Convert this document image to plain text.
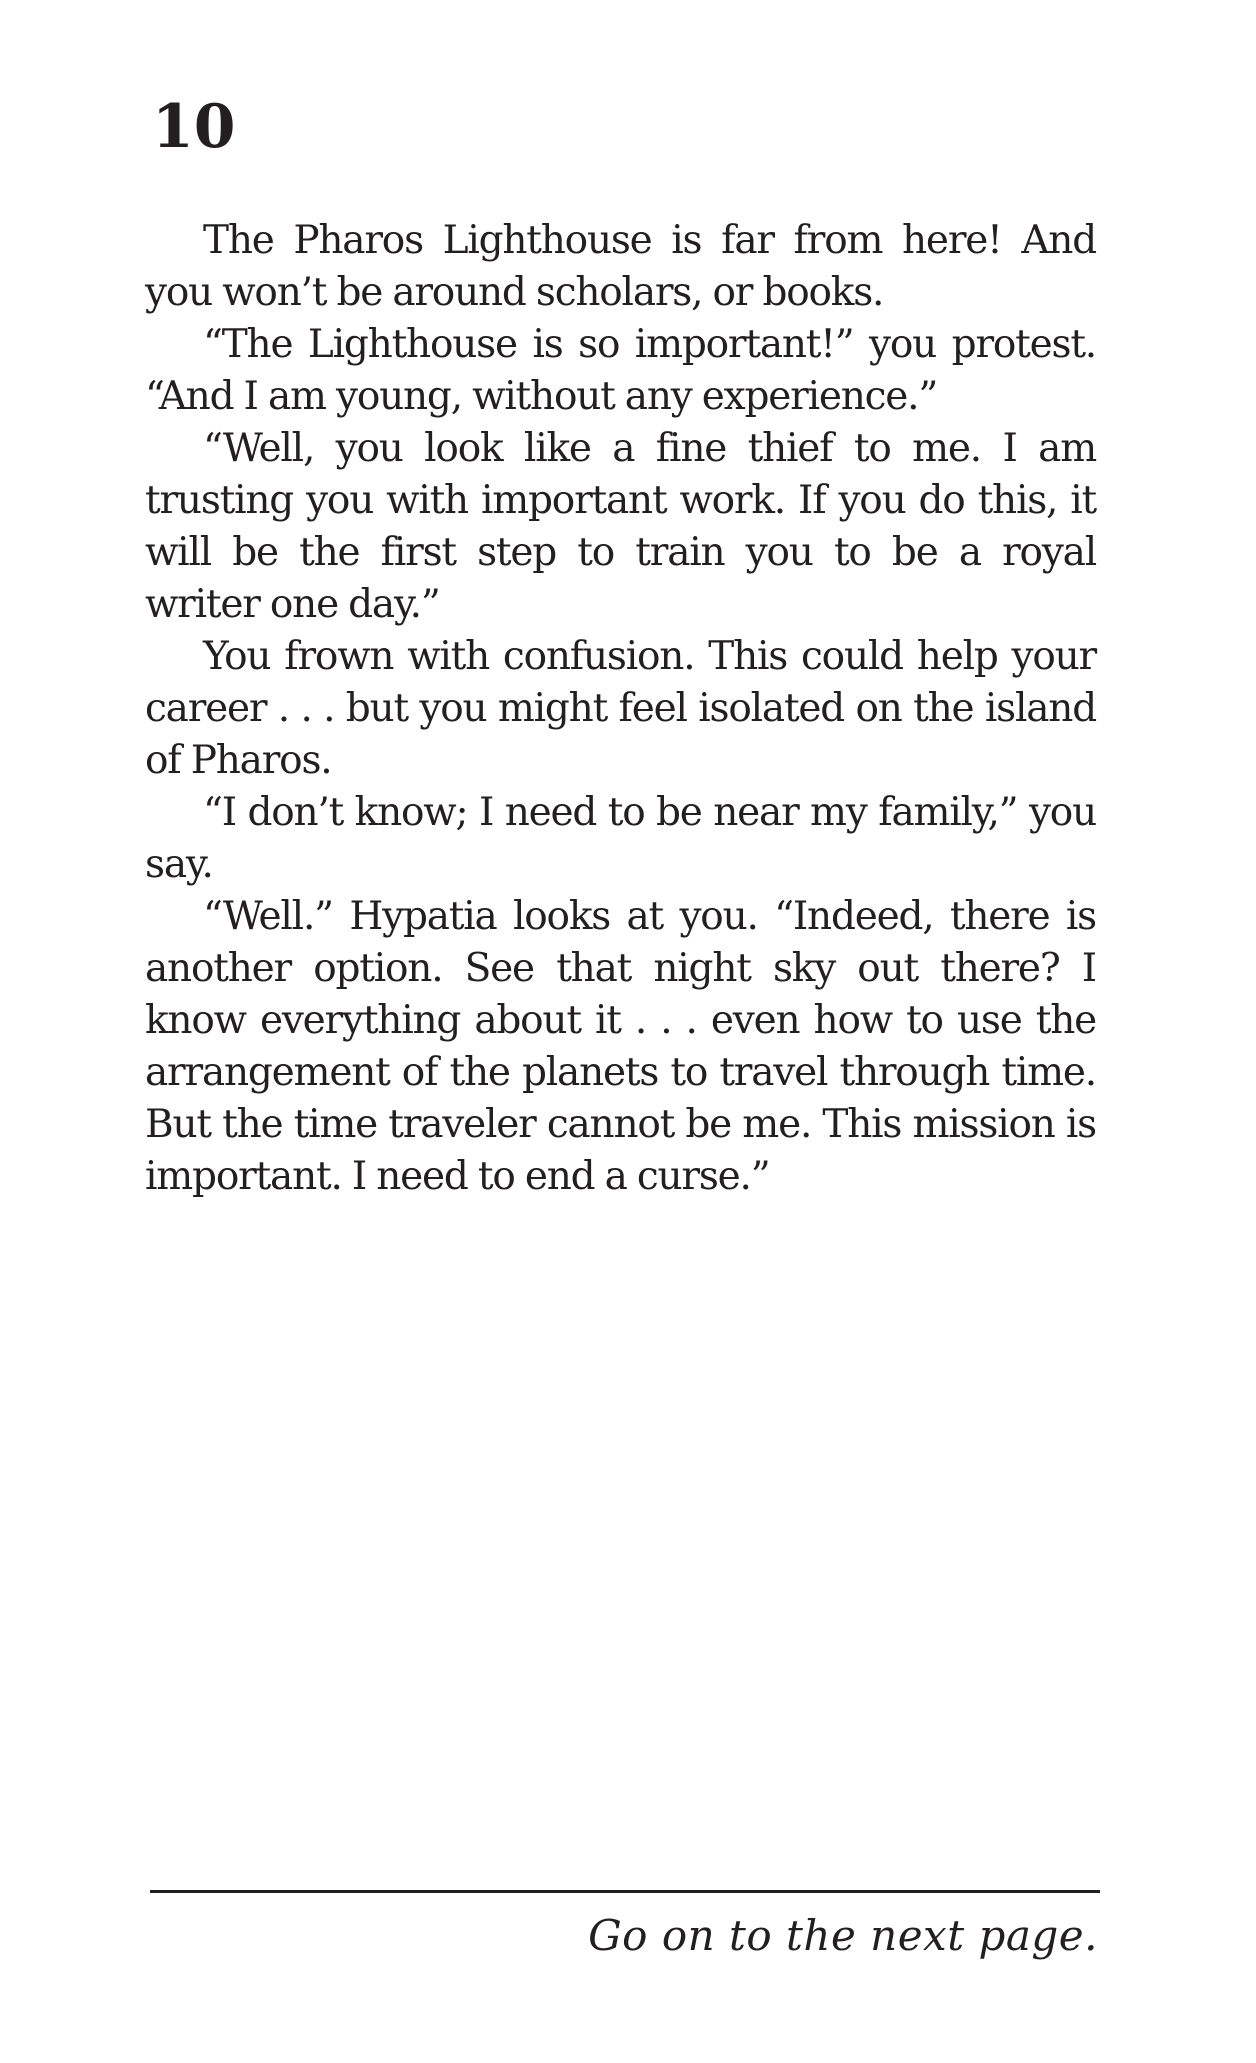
10

The Pharos Lighthouse is far from here! And you won’t be around scholars, or books.

“The Lighthouse is so important!” you protest. “And I am young, without any experience.”

“Well, you look like a fine thief to me. I am trusting you with important work. If you do this, it will be the first step to train you to be a royal writer one day.”

You frown with confusion. This could help your career . . . but you might feel isolated on the island of Pharos.

“I don’t know; I need to be near my family,” you say.

“Well.” Hypatia looks at you. “Indeed, there is another option. See that night sky out there? I know everything about it . . . even how to use the arrangement of the planets to travel through time. But the time traveler cannot be me. This mission is important. I need to end a curse.”

Go on to the next page.
